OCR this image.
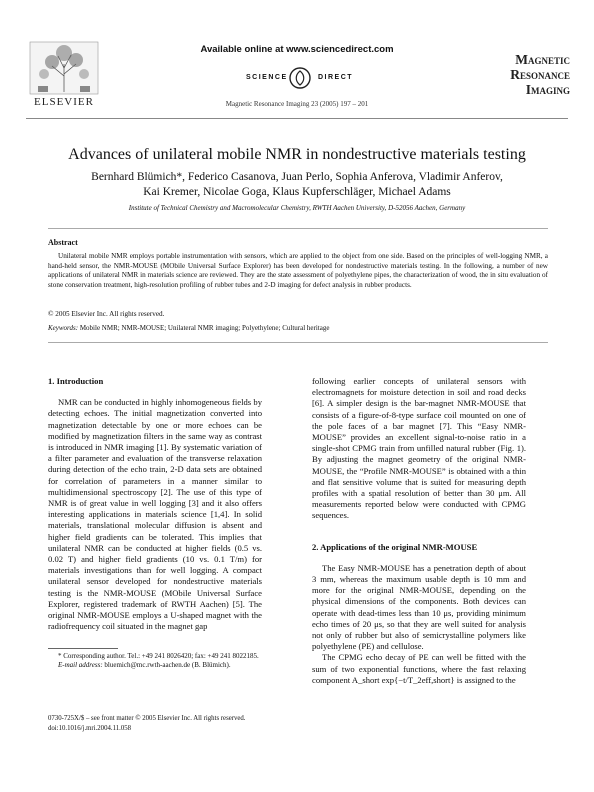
ELSEVIER
Available online at www.sciencedirect.com
SCIENCE	DIRECT
Magnetic Resonance Imaging 23 (2005) 197 – 201
Magnetic
Resonance
Imaging
Advances of unilateral mobile NMR in nondestructive materials testing
Bernhard Blümich*, Federico Casanova, Juan Perlo, Sophia Anferova, Vladimir Anferov,
Kai Kremer, Nicolae Goga, Klaus Kupferschläger, Michael Adams
Institute of Technical Chemistry and Macromolecular Chemistry, RWTH Aachen University, D-52056 Aachen, Germany
Abstract
Unilateral mobile NMR employs portable instrumentation with sensors, which are applied to the object from one side. Based on the principles of well-logging NMR, a hand-held sensor, the NMR-MOUSE (MObile Universal Surface Explorer) has been developed for nondestructive materials testing. In the following, a number of new applications of unilateral NMR in materials science are reviewed. They are the state assessment of polyethylene pipes, the characterization of wood, the in situ evaluation of stone conservation treatment, high-resolution profiling of rubber tubes and 2-D imaging for defect analysis in rubber products.
© 2005 Elsevier Inc. All rights reserved.
Keywords: Mobile NMR; NMR-MOUSE; Unilateral NMR imaging; Polyethylene; Cultural heritage
1. Introduction

NMR can be conducted in highly inhomogeneous fields by detecting echoes. The initial magnetization converted into magnetization detectable by one or more echoes can be modified by magnetization filters in the same way as contrast is introduced in NMR imaging [1]. By systematic variation of a filter parameter and evaluation of the transverse relaxation during detection of the echo train, 2-D data sets are obtained for correlation of parameters in a manner similar to multidimensional spectroscopy [2]. The use of this type of NMR is of great value in well logging [3] and it also offers interesting applications in materials science [1,4]. In solid materials, translational molecular diffusion is absent and higher field gradients can be tolerated. This implies that unilateral NMR can be conducted at higher fields (0.5 vs. 0.02 T) and higher field gradients (10 vs. 0.1 T/m) for materials investigations than for well logging. A compact unilateral sensor developed for nondestructive materials testing is the NMR-MOUSE (MObile Universal Surface Explorer, registered trademark of RWTH Aachen) [5]. The original NMR-MOUSE employs a U-shaped magnet with the radiofrequency coil situated in the magnet gap

following earlier concepts of unilateral sensors with electromagnets for moisture detection in soil and road decks [6]. A simpler design is the bar-magnet NMR-MOUSE that consists of a figure-of-8-type surface coil mounted on one of the pole faces of a bar magnet [7]. This “Easy NMR-MOUSE” provides an excellent signal-to-noise ratio in a single-shot CPMG train from unfilled natural rubber (Fig. 1). By adjusting the magnet geometry of the original NMR-MOUSE, the “Profile NMR-MOUSE” is obtained with a thin and flat sensitive volume that is suited for measuring depth profiles with a spatial resolution of better than 30 μm. All measurements reported below were conducted with CPMG sequences.

2. Applications of the original NMR-MOUSE

The Easy NMR-MOUSE has a penetration depth of about 3 mm, whereas the maximum usable depth is 10 mm and more for the original NMR-MOUSE, depending on the physical dimensions of the components. Both devices can operate with dead-times less than 10 μs, providing minimum echo times of 20 μs, so that they are well suited for analysis not only of rubber but also of semicrystalline polymers like polyethylene (PE) and cellulose.

The CPMG echo decay of PE can well be fitted with the sum of two exponential functions, where the fast relaxing component A_short exp{−t/T_2eff,short} is assigned to the

* Corresponding author. Tel.: +49 241 8026420; fax: +49 241 8022185.
E-mail address: bluemich@mc.rwth-aachen.de (B. Blümich).
0730-725X/$ – see front matter © 2005 Elsevier Inc. All rights reserved.
doi:10.1016/j.mri.2004.11.058
